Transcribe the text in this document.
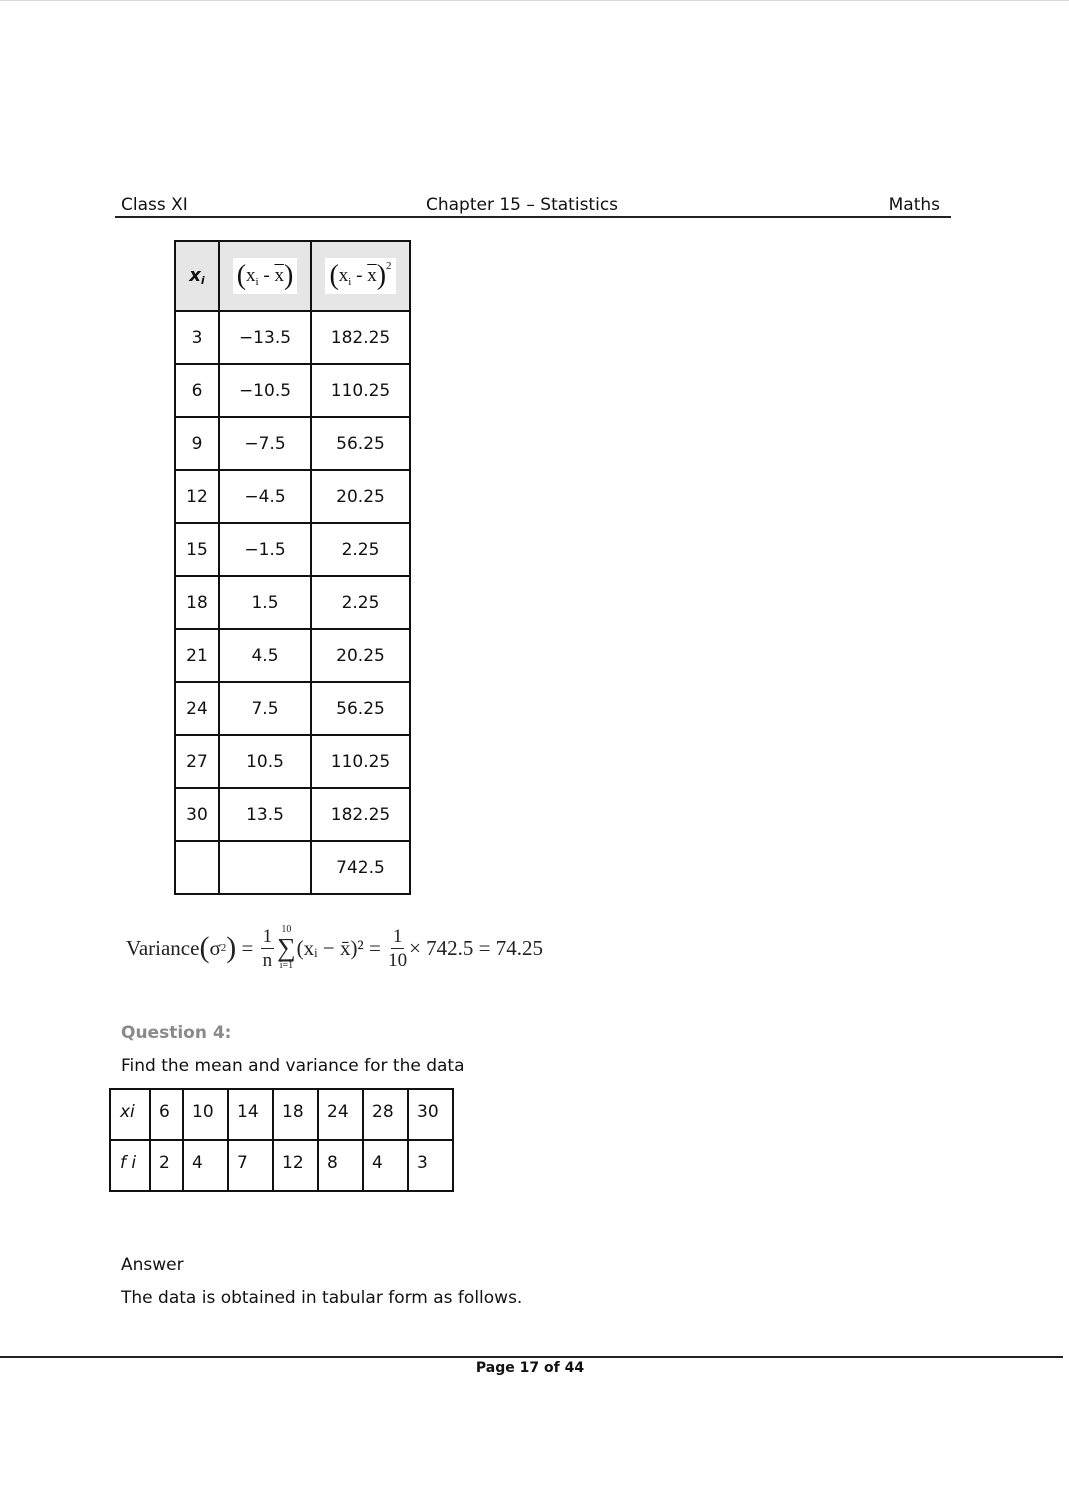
Class XI	Chapter 15 – Statistics	Maths
$x_i$	$(x_i - \overline{x})$	$(x_i - \overline{x})^2$
3	−13.5	182.25
6	−10.5	110.25
9	−7.5	56.25
12	−4.5	20.25
15	−1.5	2.25
18	1.5	2.25
21	4.5	20.25
24	7.5	56.25
27	10.5	110.25
30	13.5	182.25
		742.5
Variance ( σ 2 ) = $\frac{1}{n} 10$
∑
i=1
(xᵢ − x̄)² = $\frac{1}{10} \times 742.5 = 74.25$
Question 4:
Find the mean and variance for the data
xi	6	10	14	18	24	28	30
f i	2	4	7	12	8	4	3
Answer
The data is obtained in tabular form as follows.
Page 17 of 44
